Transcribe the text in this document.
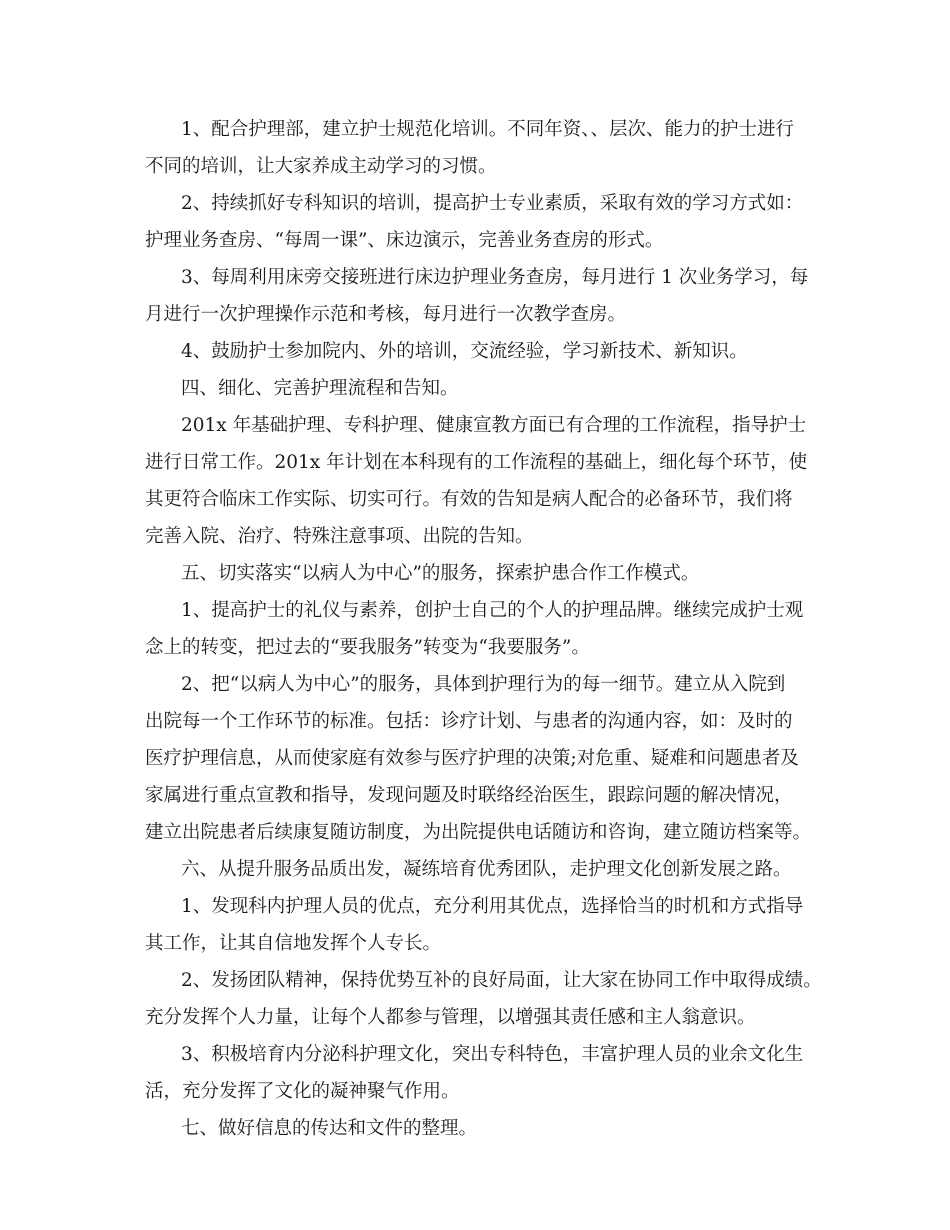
1、配合护理部，建立护士规范化培训。不同年资、、层次、能力的护士进行
不同的培训，让大家养成主动学习的习惯。
2、持续抓好专科知识的培训，提高护士专业素质，采取有效的学习方式如：
护理业务查房、“每周一课”、床边演示，完善业务查房的形式。
3、每周利用床旁交接班进行床边护理业务查房，每月进行 1 次业务学习，每
月进行一次护理操作示范和考核，每月进行一次教学查房。
4、鼓励护士参加院内、外的培训，交流经验，学习新技术、新知识。
四、细化、完善护理流程和告知。
201x 年基础护理、专科护理、健康宣教方面已有合理的工作流程，指导护士
进行日常工作。201x 年计划在本科现有的工作流程的基础上，细化每个环节，使
其更符合临床工作实际、切实可行。有效的告知是病人配合的必备环节，我们将
完善入院、治疗、特殊注意事项、出院的告知。
五、切实落实“以病人为中心”的服务，探索护患合作工作模式。
1、提高护士的礼仪与素养，创护士自己的个人的护理品牌。继续完成护士观
念上的转变，把过去的“要我服务”转变为“我要服务”。
2、把“以病人为中心”的服务，具体到护理行为的每一细节。建立从入院到
出院每一个工作环节的标准。包括：诊疗计划、与患者的沟通内容，如：及时的
医疗护理信息，从而使家庭有效参与医疗护理的决策;对危重、疑难和问题患者及
家属进行重点宣教和指导，发现问题及时联络经治医生，跟踪问题的解决情况，
建立出院患者后续康复随访制度，为出院提供电话随访和咨询，建立随访档案等。
六、从提升服务品质出发，凝练培育优秀团队，走护理文化创新发展之路。
1、发现科内护理人员的优点，充分利用其优点，选择恰当的时机和方式指导
其工作，让其自信地发挥个人专长。
2、发扬团队精神，保持优势互补的良好局面，让大家在协同工作中取得成绩。
充分发挥个人力量，让每个人都参与管理，以增强其责任感和主人翁意识。
3、积极培育内分泌科护理文化，突出专科特色，丰富护理人员的业余文化生
活，充分发挥了文化的凝神聚气作用。
七、做好信息的传达和文件的整理。
